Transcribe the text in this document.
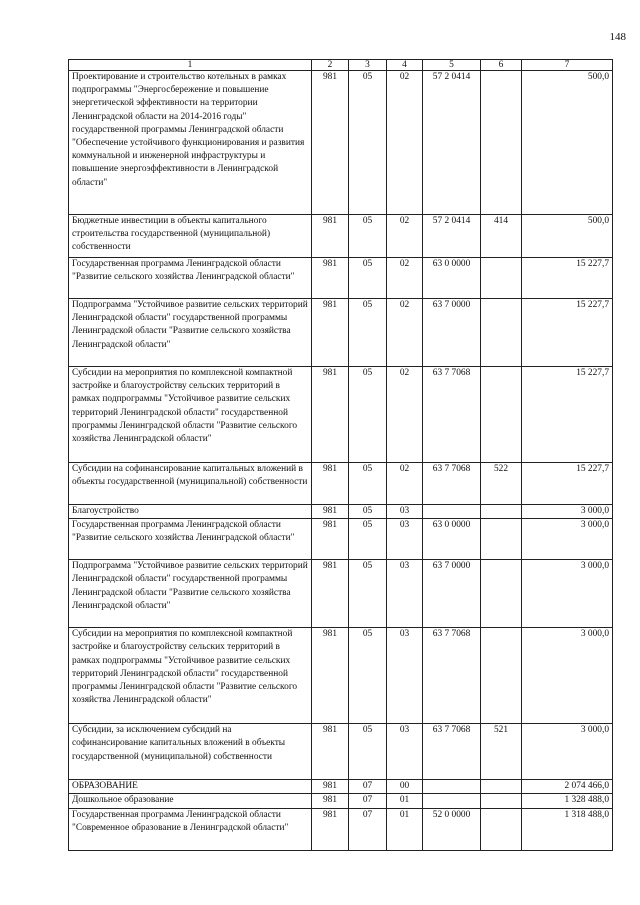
148
1	2	3	4	5	6	7
Проектирование и строительство котельных в рамках подпрограммы "Энергосбережение и повышение энергетической эффективности на территории Ленинградской области на 2014-2016 годы" государственной программы Ленинградской области "Обеспечение устойчивого функционирования и развития коммунальной и инженерной инфраструктуры и повышение энергоэффективности в Ленинградской области"	981	05	02	57 2 0414		500,0
Бюджетные инвестиции в объекты капитального строительства государственной (муниципальной) собственности	981	05	02	57 2 0414	414	500,0
Государственная программа Ленинградской области "Развитие сельского хозяйства Ленинградской области"	981	05	02	63 0 0000		15 227,7
Подпрограмма "Устойчивое развитие сельских территорий Ленинградской области" государственной программы Ленинградской области "Развитие сельского хозяйства Ленинградской области"	981	05	02	63 7 0000		15 227,7
Субсидии на мероприятия по комплексной компактной застройке и благоустройству сельских территорий в рамках подпрограммы "Устойчивое развитие сельских территорий Ленинградской области" государственной программы Ленинградской области "Развитие сельского хозяйства Ленинградской области"	981	05	02	63 7 7068		15 227,7
Субсидии на софинансирование капитальных вложений в объекты государственной (муниципальной) собственности	981	05	02	63 7 7068	522	15 227,7
Благоустройство	981	05	03			3 000,0
Государственная программа Ленинградской области "Развитие сельского хозяйства Ленинградской области"	981	05	03	63 0 0000		3 000,0
Подпрограмма "Устойчивое развитие сельских территорий Ленинградской области" государственной программы Ленинградской области "Развитие сельского хозяйства Ленинградской области"	981	05	03	63 7 0000		3 000,0
Субсидии на мероприятия по комплексной компактной застройке и благоустройству сельских территорий в рамках подпрограммы "Устойчивое развитие сельских территорий Ленинградской области" государственной программы Ленинградской области "Развитие сельского хозяйства Ленинградской области"	981	05	03	63 7 7068		3 000,0
Субсидии, за исключением субсидий на софинансирование капитальных вложений в объекты государственной (муниципальной) собственности	981	05	03	63 7 7068	521	3 000,0
ОБРАЗОВАНИЕ	981	07	00			2 074 466,0
Дошкольное образование	981	07	01			1 328 488,0
Государственная программа Ленинградской области "Современное образование в Ленинградской области"	981	07	01	52 0 0000		1 318 488,0
